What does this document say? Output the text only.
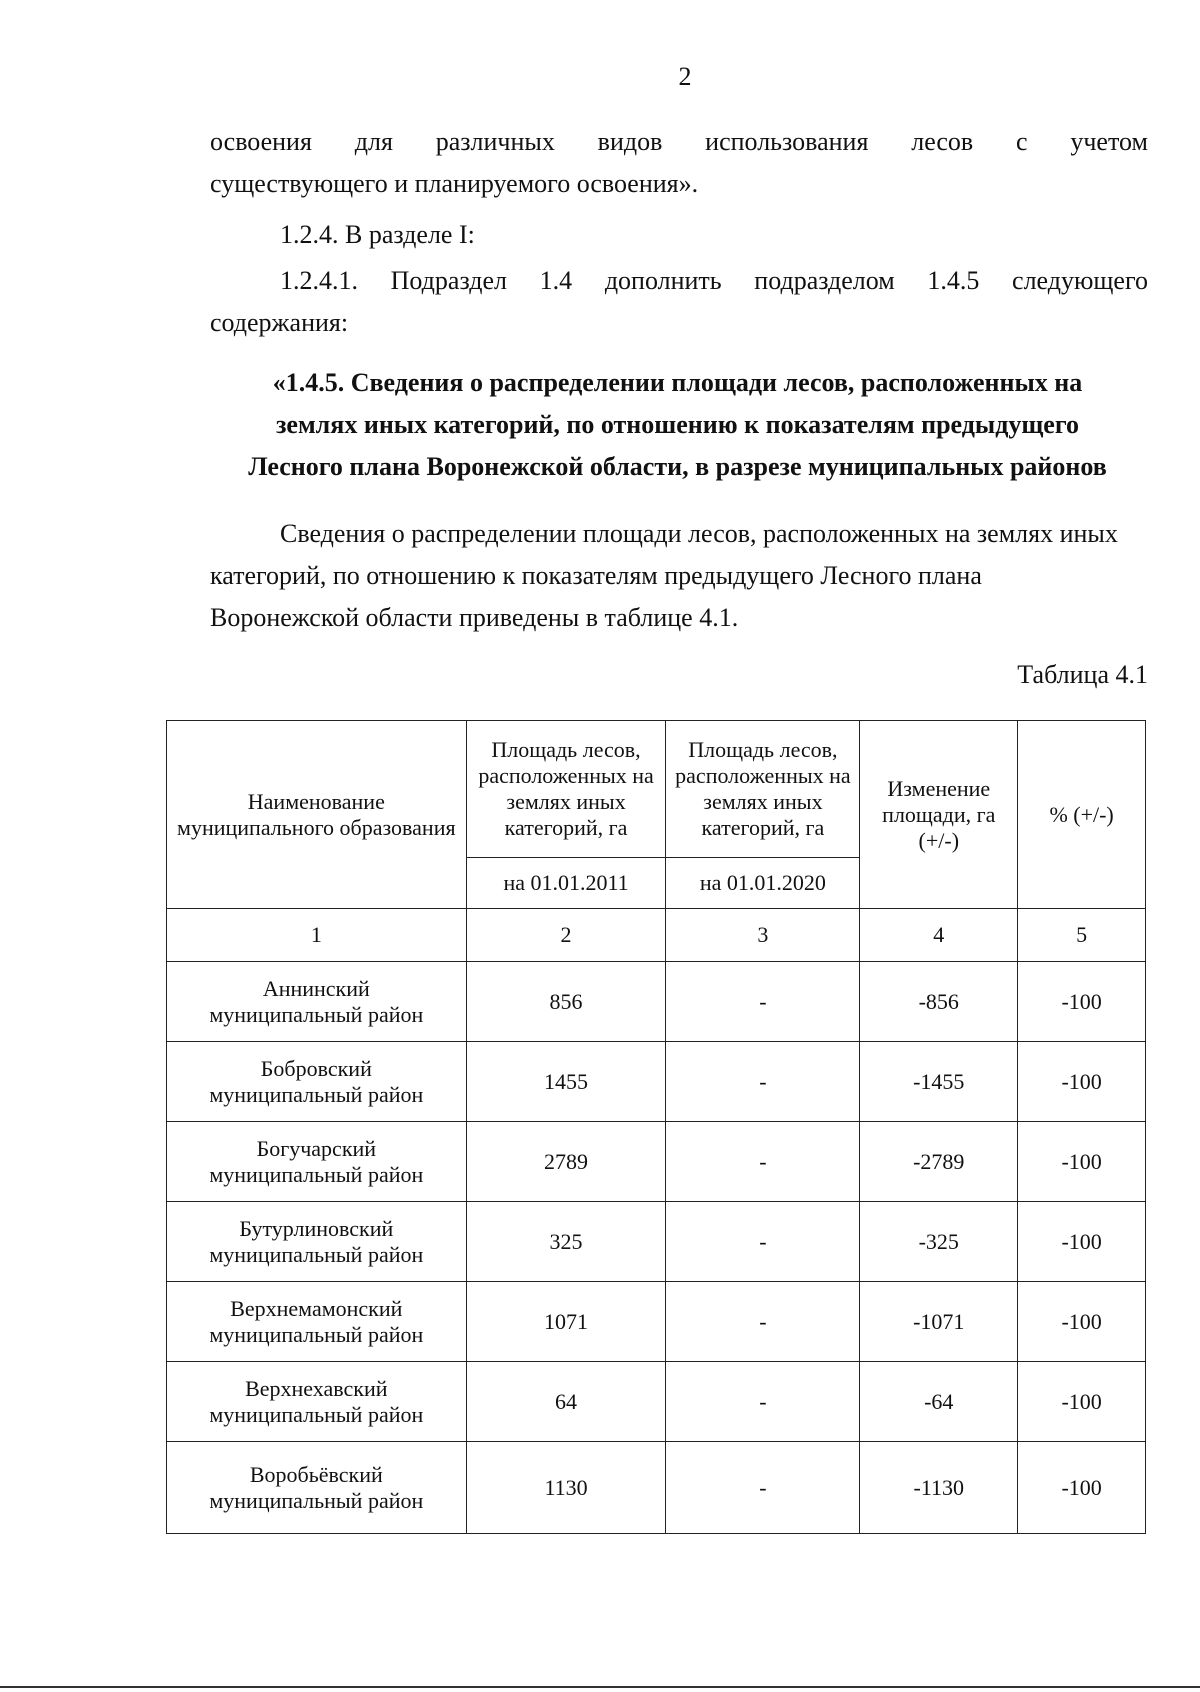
2
освоения для различных видов использования лесов с учетом
существующего и планируемого освоения».
1.2.4. В разделе I:
1.2.4.1. Подраздел 1.4 дополнить подразделом 1.4.5 следующего
содержания:
«1.4.5. Сведения о распределении площади лесов, расположенных на
землях иных категорий, по отношению к показателям предыдущего
Лесного плана Воронежской области, в разрезе муниципальных районов
Сведения о распределении площади лесов, расположенных на землях иных категорий, по отношению к показателям предыдущего Лесного плана Воронежской области приведены в таблице 4.1.
Таблица 4.1
Наименование муниципального образования	Площадь лесов, расположенных на землях иных категорий, га	Площадь лесов, расположенных на землях иных категорий, га	Изменение площади, га (+/-)	% (+/-)
	на 01.01.2011	на 01.01.2020		
1	2	3	4	5

Аннинский
муниципальный район	856	-	-856	-100

Бобровский
муниципальный район	1455	-	-1455	-100

Богучарский
муниципальный район	2789	-	-2789	-100

Бутурлиновский
муниципальный район	325	-	-325	-100

Верхнемамонский
муниципальный район	1071	-	-1071	-100

Верхнехавский
муниципальный район	64	-	-64	-100

Воробьёвский
муниципальный район	1130	-	-1130	-100
